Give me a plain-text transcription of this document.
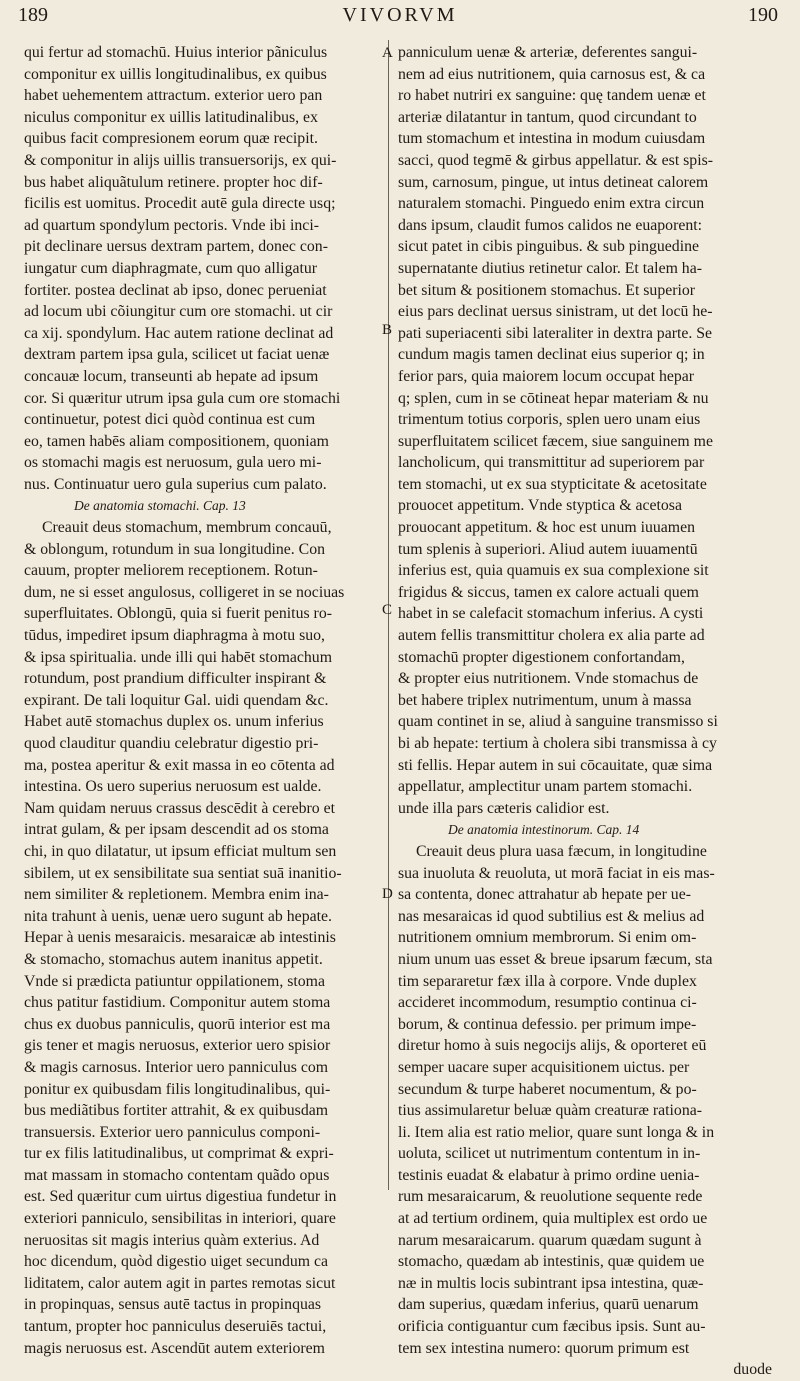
189	VIVORVM	190
A
B
C
D
qui fertur ad stomachū. Huius interior pãniculus
componitur ex uillis longitudinalibus, ex quibus
habet uehementem attractum. exterior uero pan
niculus componitur ex uillis latitudinalibus, ex
quibus facit compresionem eorum quæ recipit.
& componitur in alijs uillis transuersorijs, ex qui-
bus habet aliquãtulum retinere. propter hoc dif-
ficilis est uomitus. Procedit autē gula directe usq;
ad quartum spondylum pectoris. Vnde ibi inci-
pit declinare uersus dextram partem, donec con-
iungatur cum diaphragmate, cum quo alligatur
fortiter. postea declinat ab ipso, donec perueniat
ad locum ubi cõiungitur cum ore stomachi. ut cir
ca xij. spondylum. Hac autem ratione declinat ad
dextram partem ipsa gula, scilicet ut faciat uenæ
concauæ locum, transeunti ab hepate ad ipsum
cor. Si quæritur utrum ipsa gula cum ore stomachi
continuetur, potest dici quòd continua est cum
eo, tamen habēs aliam compositionem, quoniam
os stomachi magis est neruosum, gula uero mi-
nus. Continuatur uero gula superius cum palato.
De anatomia stomachi. Cap. 13
Creauit deus stomachum, membrum concauū,
& oblongum, rotundum in sua longitudine. Con
cauum, propter meliorem receptionem. Rotun-
dum, ne si esset angulosus, colligeret in se nociuas
superfluitates. Oblongū, quia si fuerit penitus ro-
tūdus, impediret ipsum diaphragma à motu suo,
& ipsa spiritualia. unde illi qui habēt stomachum
rotundum, post prandium difficulter inspirant &
expirant. De tali loquitur Gal. uidi quendam &c.
Habet autē stomachus duplex os. unum inferius
quod clauditur quandiu celebratur digestio pri-
ma, postea aperitur & exit massa in eo cōtenta ad
intestina. Os uero superius neruosum est ualde.
Nam quidam neruus crassus descēdit à cerebro et
intrat gulam, & per ipsam descendit ad os stoma
chi, in quo dilatatur, ut ipsum efficiat multum sen
sibilem, ut ex sensibilitate sua sentiat suā inanitio-
nem similiter & repletionem. Membra enim ina-
nita trahunt à uenis, uenæ uero sugunt ab hepate.
Hepar à uenis mesaraicis. mesaraicæ ab intestinis
& stomacho, stomachus autem inanitus appetit.
Vnde si prædicta patiuntur oppilationem, stoma
chus patitur fastidium. Componitur autem stoma
chus ex duobus panniculis, quorū interior est ma
gis tener et magis neruosus, exterior uero spisior
& magis carnosus. Interior uero panniculus com
ponitur ex quibusdam filis longitudinalibus, qui-
bus mediãtibus fortiter attrahit, & ex quibusdam
transuersis. Exterior uero panniculus componi-
tur ex filis latitudinalibus, ut comprimat & expri-
mat massam in stomacho contentam quãdo opus
est. Sed quæritur cum uirtus digestiua fundetur in
exteriori panniculo, sensibilitas in interiori, quare
neruositas sit magis interius quàm exterius. Ad
hoc dicendum, quòd digestio uiget secundum ca
liditatem, calor autem agit in partes remotas sicut
in propinquas, sensus autē tactus in propinquas
tantum, propter hoc panniculus deseruiēs tactui,
magis neruosus est. Ascendūt autem exteriorem
panniculum uenæ & arteriæ, deferentes sangui-
nem ad eius nutritionem, quia carnosus est, & ca
ro habet nutriri ex sanguine: quę tandem uenæ et
arteriæ dilatantur in tantum, quod circundant to
tum stomachum et intestina in modum cuiusdam
sacci, quod tegmē & girbus appellatur. & est spis-
sum, carnosum, pingue, ut intus detineat calorem
naturalem stomachi. Pinguedo enim extra circun
dans ipsum, claudit fumos calidos ne euaporent:
sicut patet in cibis pinguibus. & sub pinguedine
supernatante diutius retinetur calor. Et talem ha-
bet situm & positionem stomachus. Et superior
eius pars declinat uersus sinistram, ut det locū he-
pati superiacenti sibi lateraliter in dextra parte. Se
cundum magis tamen declinat eius superior q; in
ferior pars, quia maiorem locum occupat hepar
q; splen, cum in se cōtineat hepar materiam & nu
trimentum totius corporis, splen uero unam eius
superfluitatem scilicet fæcem, siue sanguinem me
lancholicum, qui transmittitur ad superiorem par
tem stomachi, ut ex sua stypticitate & acetositate
prouocet appetitum. Vnde styptica & acetosa
prouocant appetitum. & hoc est unum iuuamen
tum splenis à superiori. Aliud autem iuuamentū
inferius est, quia quamuis ex sua complexione sit
frigidus & siccus, tamen ex calore actuali quem
habet in se calefacit stomachum inferius. A cysti
autem fellis transmittitur cholera ex alia parte ad
stomachū propter digestionem confortandam,
& propter eius nutritionem. Vnde stomachus de
bet habere triplex nutrimentum, unum à massa
quam continet in se, aliud à sanguine transmisso si
bi ab hepate: tertium à cholera sibi transmissa à cy
sti fellis. Hepar autem in sui cōcauitate, quæ sima
appellatur, amplectitur unam partem stomachi.
unde illa pars cæteris calidior est.
De anatomia intestinorum. Cap. 14
Creauit deus plura uasa fæcum, in longitudine
sua inuoluta & reuoluta, ut morā faciat in eis mas-
sa contenta, donec attrahatur ab hepate per ue-
nas mesaraicas id quod subtilius est & melius ad
nutritionem omnium membrorum. Si enim om-
nium unum uas esset & breue ipsarum fæcum, sta
tim separaretur fæx illa à corpore. Vnde duplex
accideret incommodum, resumptio continua ci-
borum, & continua defessio. per primum impe-
diretur homo à suis negocijs alijs, & oporteret eū
semper uacare super acquisitionem uictus. per
secundum & turpe haberet nocumentum, & po-
tius assimularetur beluæ quàm creaturæ rationa-
li. Item alia est ratio melior, quare sunt longa & in
uoluta, scilicet ut nutrimentum contentum in in-
testinis euadat & elabatur à primo ordine uenia-
rum mesaraicarum, & reuolutione sequente rede
at ad tertium ordinem, quia multiplex est ordo ue
narum mesaraicarum. quarum quædam sugunt à
stomacho, quædam ab intestinis, quæ quidem ue
næ in multis locis subintrant ipsa intestina, quæ-
dam superius, quædam inferius, quarū uenarum
orificia contiguantur cum fæcibus ipsis. Sunt au-
tem sex intestina numero: quorum primum est
duode
